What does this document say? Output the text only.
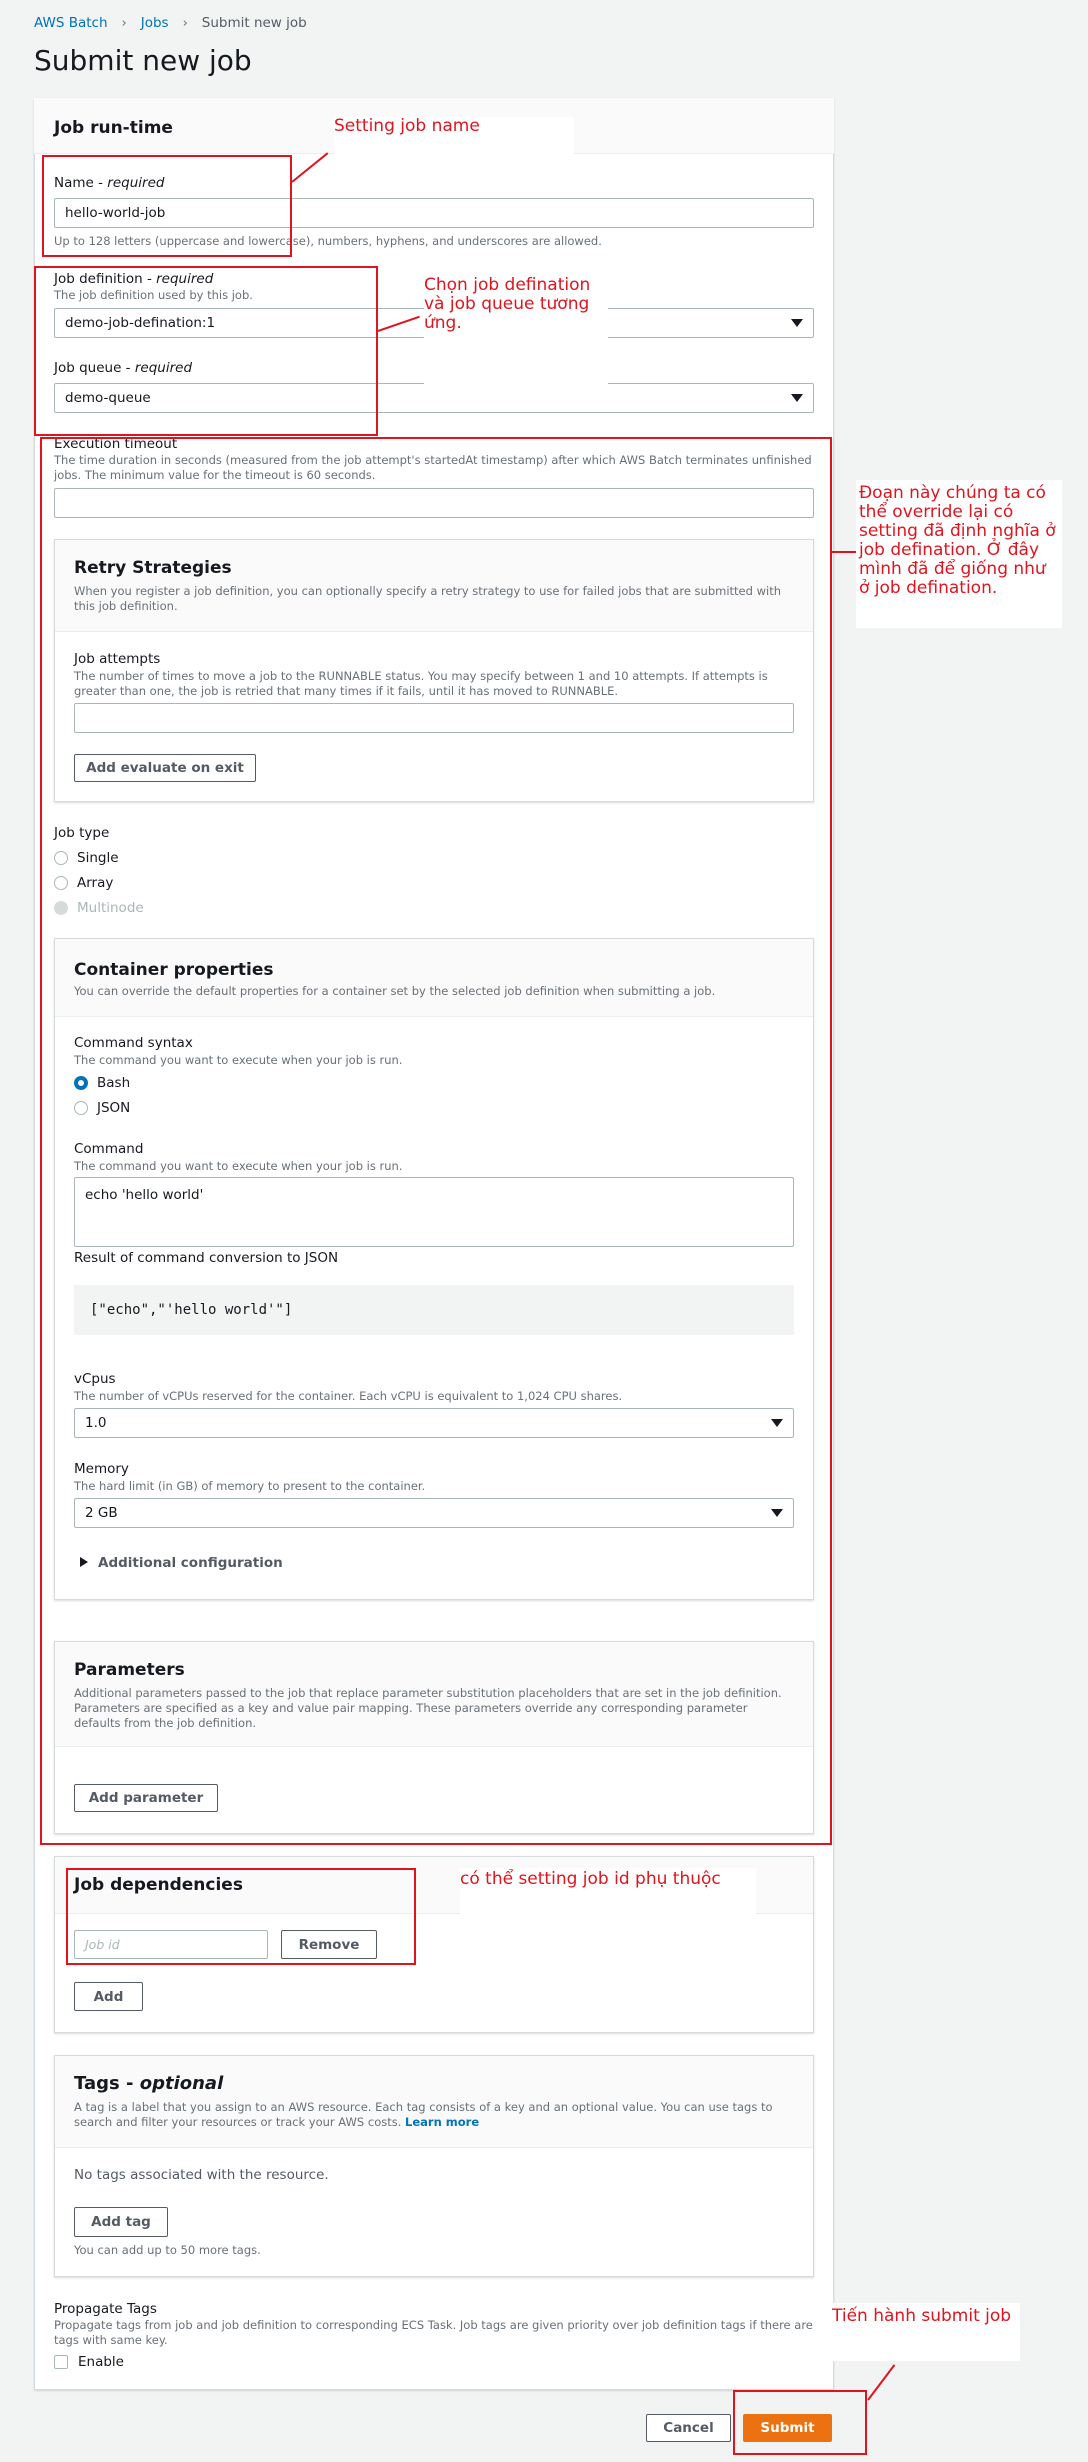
AWS Batch › Jobs › Submit new job
Submit new job
Job run-time
Name - required
hello-world-job
Up to 128 letters (uppercase and lowercase), numbers, hyphens, and underscores are allowed.
Job definition - required
The job definition used by this job.
demo-job-defination:1
Job queue - required
demo-queue
Execution timeout
The time duration in seconds (measured from the job attempt's startedAt timestamp) after which AWS Batch terminates unfinished jobs. The minimum value for the timeout is 60 seconds.
Retry Strategies
When you register a job definition, you can optionally specify a retry strategy to use for failed jobs that are submitted with this job definition.
Job attempts
The number of times to move a job to the RUNNABLE status. You may specify between 1 and 10 attempts. If attempts is greater than one, the job is retried that many times if it fails, until it has moved to RUNNABLE.
Add evaluate on exit
Job type
Single
Array
Multinode
Container properties
You can override the default properties for a container set by the selected job definition when submitting a job.
Command syntax
The command you want to execute when your job is run.
Bash
JSON
Command
The command you want to execute when your job is run.
echo 'hello world'
Result of command conversion to JSON
["echo","'hello world'"]
vCpus
The number of vCPUs reserved for the container. Each vCPU is equivalent to 1,024 CPU shares.
1.0
Memory
The hard limit (in GB) of memory to present to the container.
2 GB
Additional configuration
Parameters
Additional parameters passed to the job that replace parameter substitution placeholders that are set in the job definition. Parameters are specified as a key and value pair mapping. These parameters override any corresponding parameter defaults from the job definition.
Add parameter
Job dependencies
Job id	Remove
Add
Tags - optional
A tag is a label that you assign to an AWS resource. Each tag consists of a key and an optional value. You can use tags to search and filter your resources or track your AWS costs. Learn more
No tags associated with the resource.
Add tag
You can add up to 50 more tags.
Propagate Tags
Propagate tags from job and job definition to corresponding ECS Task. Job tags are given priority over job definition tags if there are tags with same key.
Enable
Cancel	Submit
Setting job name
Chọn job defination và job queue tương ứng.
Đoạn này chúng ta có thể override lại có setting đã định nghĩa ở job defination. Ở đây mình đã để giống như ở job defination.
có thể setting job id phụ thuộc
Tiến hành submit job
